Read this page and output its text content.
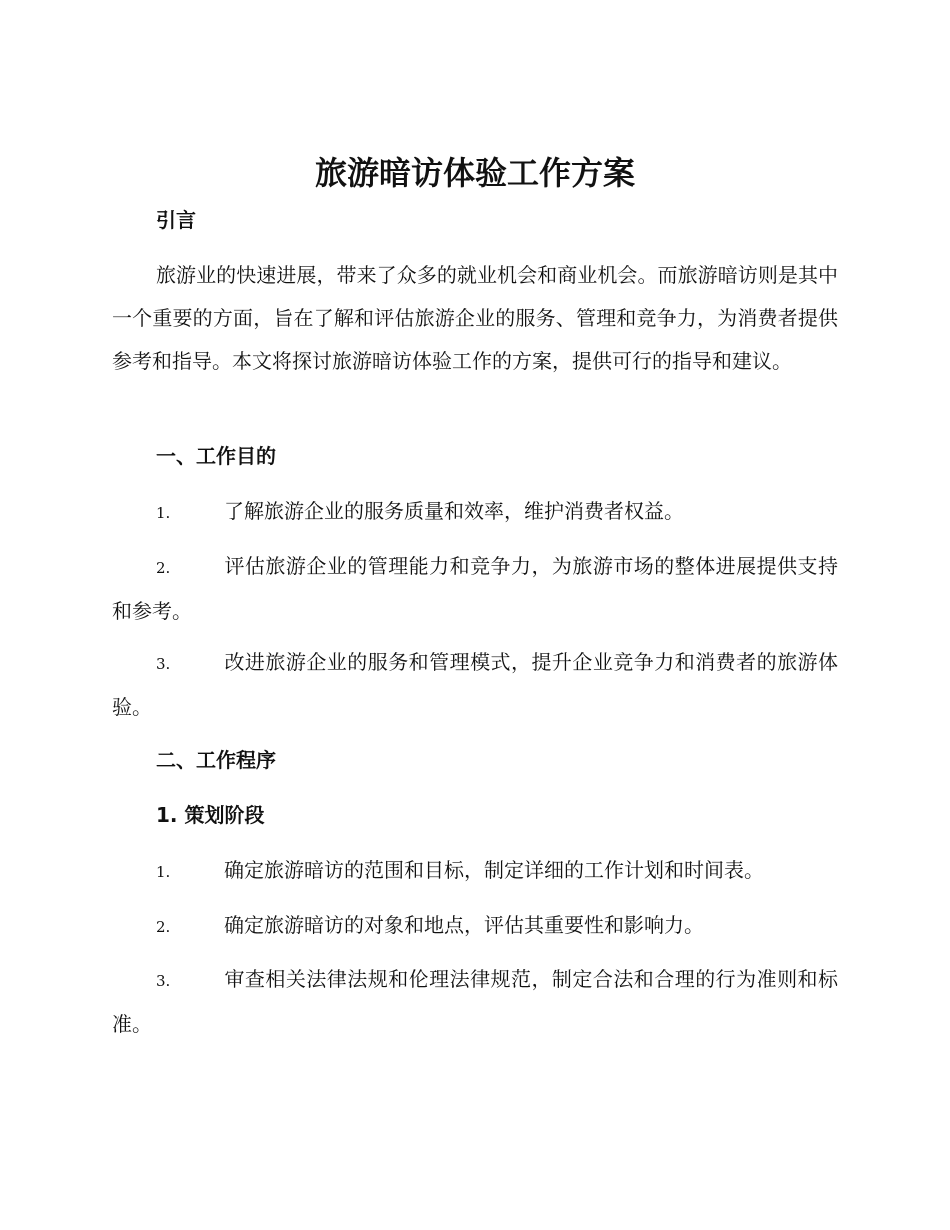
旅游暗访体验工作方案
引言

旅游业的快速进展，带来了众多的就业机会和商业机会。而旅游暗访则是其中一个重要的方面，旨在了解和评估旅游企业的服务、管理和竞争力，为消费者提供参考和指导。本文将探讨旅游暗访体验工作的方案，提供可行的指导和建议。

一、工作目的

1.	了解旅游企业的服务质量和效率，维护消费者权益。

2.	评估旅游企业的管理能力和竞争力，为旅游市场的整体进展提供支持和参考。

3.	改进旅游企业的服务和管理模式，提升企业竞争力和消费者的旅游体验。

二、工作程序
1. 策划阶段

1.	确定旅游暗访的范围和目标，制定详细的工作计划和时间表。

2.	确定旅游暗访的对象和地点，评估其重要性和影响力。

3.	审查相关法律法规和伦理法律规范，制定合法和合理的行为准则和标准。
